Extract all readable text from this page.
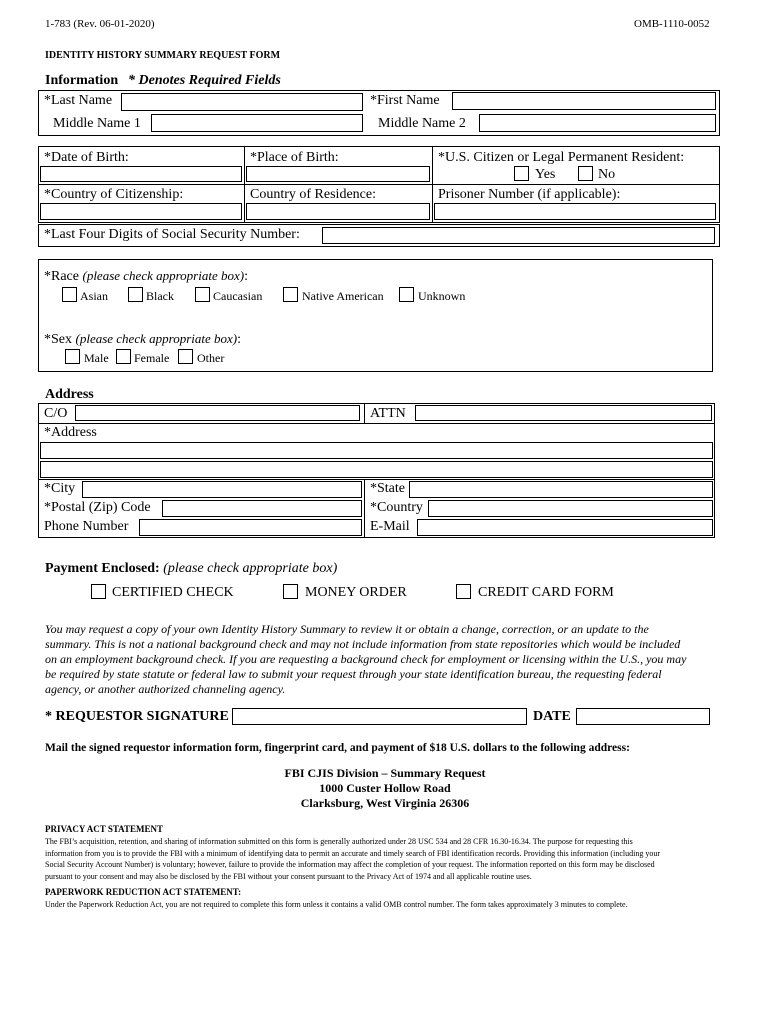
1-783 (Rev. 06-01-2020)	OMB-1110-0052
IDENTITY HISTORY SUMMARY REQUEST FORM
Information * Denotes Required Fields
*Last Name	*First Name
Middle Name 1	Middle Name 2
*Date of Birth:	*Place of Birth:	*U.S. Citizen or Legal Permanent Resident:
Yes	No
*Country of Citizenship:	Country of Residence:	Prisoner Number (if applicable):
*Last Four Digits of Social Security Number:
*Race (please check appropriate box):
Asian	Black	Caucasian	Native American	Unknown
*Sex (please check appropriate box):
Male Female Other
Address
C/O	ATTN
*Address
*City	*State
*Postal (Zip) Code	*Country
Phone Number	E-Mail
Payment Enclosed: (please check appropriate box)
CERTIFIED CHECK	MONEY ORDER	CREDIT CARD FORM
You may request a copy of your own Identity History Summary to review it or obtain a change, correction, or an update to the
summary. This is not a national background check and may not include information from state repositories which would be included
on an employment background check. If you are requesting a background check for employment or licensing within the U.S., you may
be required by state statute or federal law to submit your request through your state identification bureau, the requesting federal
agency, or another authorized channeling agency.
* REQUESTOR SIGNATURE	DATE
Mail the signed requestor information form, fingerprint card, and payment of $18 U.S. dollars to the following address:
FBI CJIS Division – Summary Request
1000 Custer Hollow Road
Clarksburg, West Virginia 26306
PRIVACY ACT STATEMENT
The FBI’s acquisition, retention, and sharing of information submitted on this form is generally authorized under 28 USC 534 and 28 CFR 16.30-16.34. The purpose for requesting this
information from you is to provide the FBI with a minimum of identifying data to permit an accurate and timely search of FBI identification records. Providing this information (including your
Social Security Account Number) is voluntary; however, failure to provide the information may affect the completion of your request. The information reported on this form may be disclosed
pursuant to your consent and may also be disclosed by the FBI without your consent pursuant to the Privacy Act of 1974 and all applicable routine uses.
PAPERWORK REDUCTION ACT STATEMENT:
Under the Paperwork Reduction Act, you are not required to complete this form unless it contains a valid OMB control number. The form takes approximately 3 minutes to complete.
